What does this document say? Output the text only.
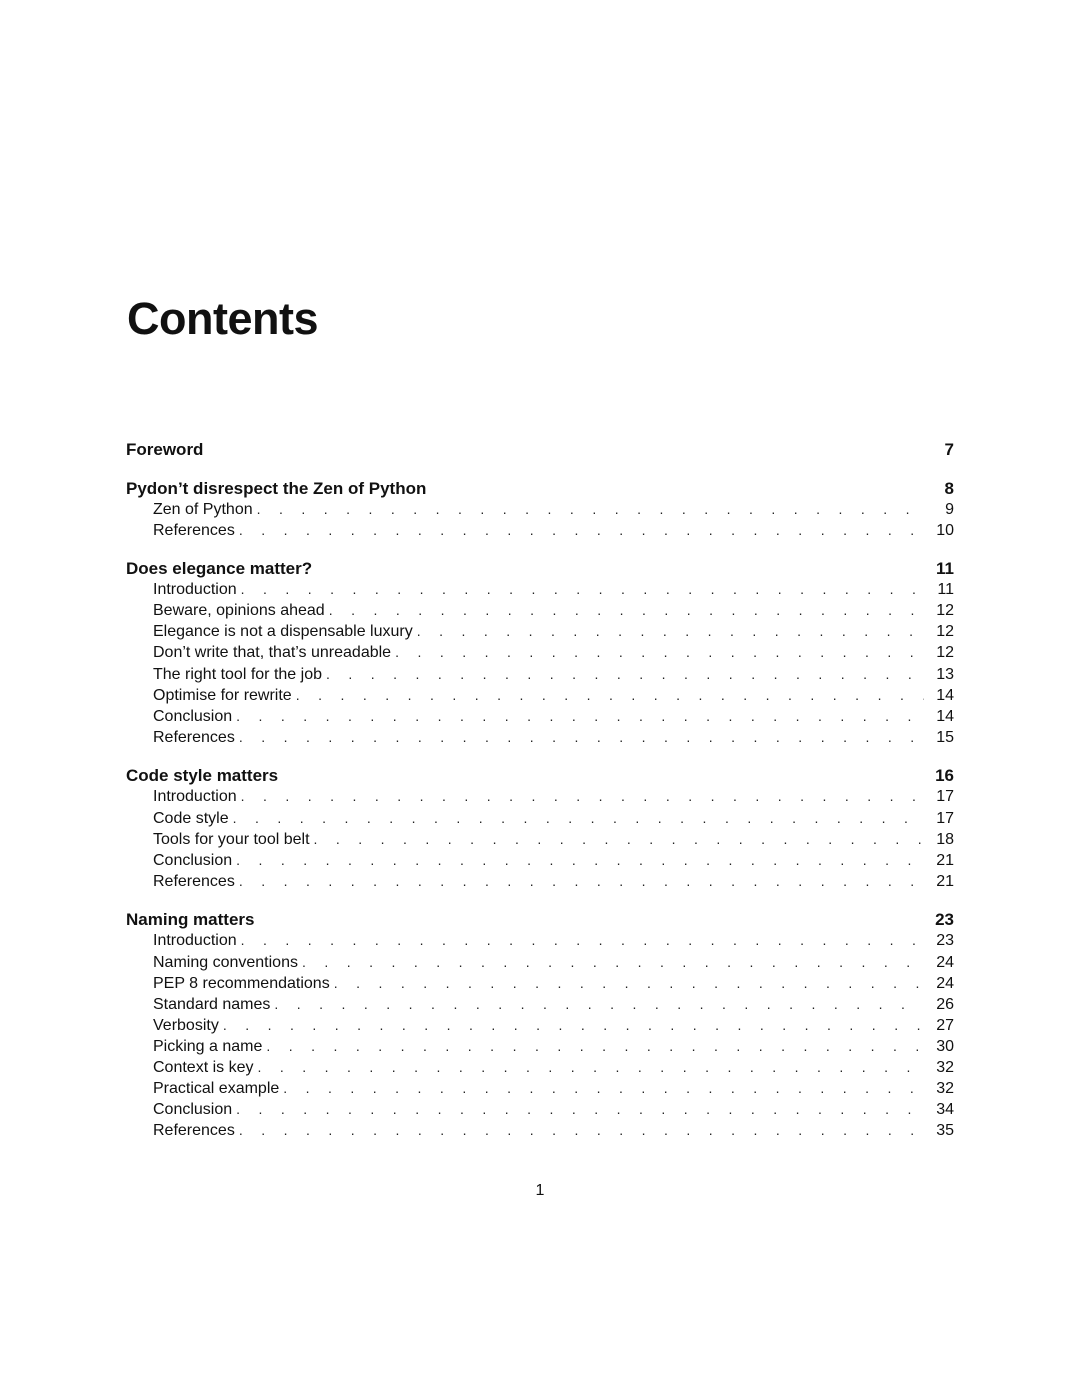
Contents
Foreword	7
Pydon’t disrespect the Zen of Python	8
Zen of Python . . .	9
References . . .	10
Does elegance matter?	11
Introduction . . .	11
Beware, opinions ahead . . .	12
Elegance is not a dispensable luxury . . .	12
Don’t write that, that’s unreadable . . .	12
The right tool for the job . . .	13
Optimise for rewrite . . .	14
Conclusion . . .	14
References . . .	15
Code style matters	16
Introduction . . .	17
Code style . . .	17
Tools for your tool belt . . .	18
Conclusion . . .	21
References . . .	21
Naming matters	23
Introduction . . .	23
Naming conventions . . .	24
PEP 8 recommendations . . .	24
Standard names . . .	26
Verbosity . . .	27
Picking a name . . .	30
Context is key . . .	32
Practical example . . .	32
Conclusion . . .	34
References . . .	35
1
